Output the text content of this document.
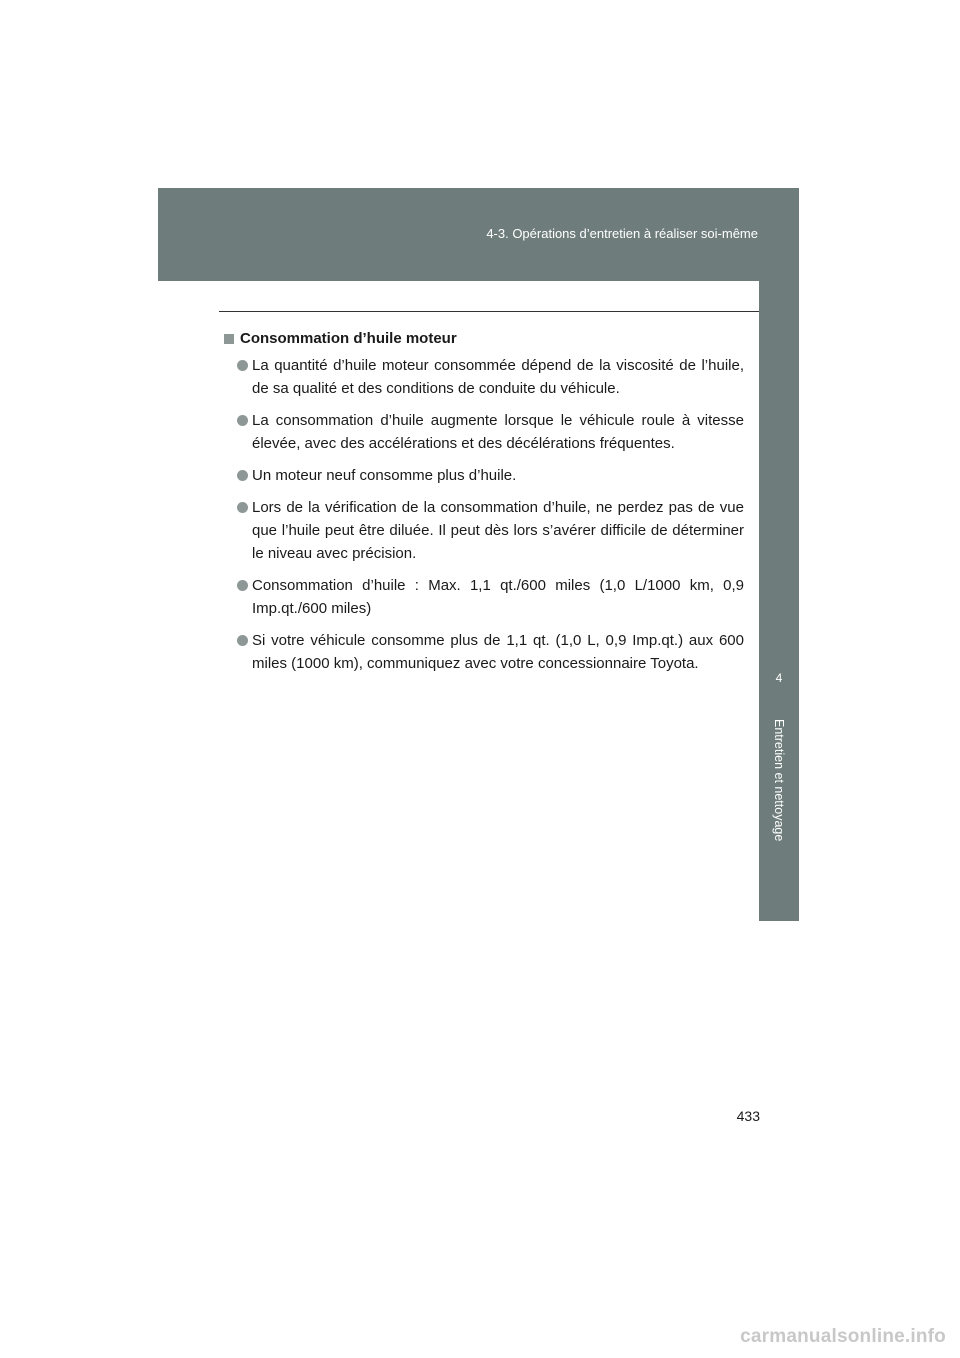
4-3. Opérations d’entretien à réaliser soi-même
4
Entretien et nettoyage
Consommation d’huile moteur
La quantité d’huile moteur consommée dépend de la viscosité de l’huile, de sa qualité et des conditions de conduite du véhicule.
La consommation d’huile augmente lorsque le véhicule roule à vitesse élevée, avec des accélérations et des décélérations fréquentes.
Un moteur neuf consomme plus d’huile.
Lors de la vérification de la consommation d’huile, ne perdez pas de vue que l’huile peut être diluée. Il peut dès lors s’avérer difficile de déterminer le niveau avec précision.
Consommation d’huile : Max. 1,1 qt./600 miles (1,0 L/1000 km, 0,9 Imp.qt./600 miles)
Si votre véhicule consomme plus de 1,1 qt. (1,0 L, 0,9 Imp.qt.) aux 600 miles (1000 km), communiquez avec votre concessionnaire Toyota.
433
carmanualsonline.info
